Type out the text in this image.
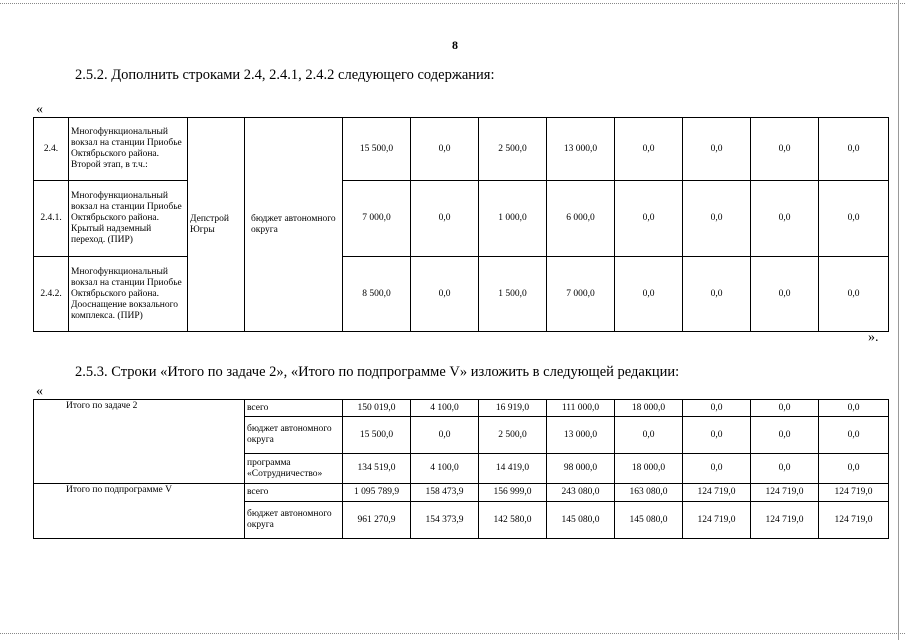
8
2.5.2. Дополнить строками 2.4, 2.4.1, 2.4.2 следующего содержания:
«
2.4.	Многофункциональный вокзал на станции Приобье Октябрьского района. Второй этап, в т.ч.:	Депстрой Югры	бюджет автономного округа	15 500,0	0,0	2 500,0	13 000,0	0,0	0,0	0,0	0,0
2.4.1.	Многофункциональный вокзал на станции Приобье Октябрьского района. Крытый надземный переход. (ПИР)			7 000,0	0,0	1 000,0	6 000,0	0,0	0,0	0,0	0,0
2.4.2.	Многофункциональный вокзал на станции Приобье Октябрьского района. Дооснащение вокзального комплекса. (ПИР)			8 500,0	0,0	1 500,0	7 000,0	0,0	0,0	0,0	0,0
».
2.5.3. Строки «Итого по задаче 2», «Итого по подпрограмме V» изложить в следующей редакции:
«
Итого по задаче 2	всего	150 019,0	4 100,0	16 919,0	111 000,0	18 000,0	0,0	0,0	0,0
	бюджет автономного округа	15 500,0	0,0	2 500,0	13 000,0	0,0	0,0	0,0	0,0
	программа «Сотрудничество»	134 519,0	4 100,0	14 419,0	98 000,0	18 000,0	0,0	0,0	0,0
Итого по подпрограмме V	всего	1 095 789,9	158 473,9	156 999,0	243 080,0	163 080,0	124 719,0	124 719,0	124 719,0
	бюджет автономного округа	961 270,9	154 373,9	142 580,0	145 080,0	145 080,0	124 719,0	124 719,0	124 719,0
